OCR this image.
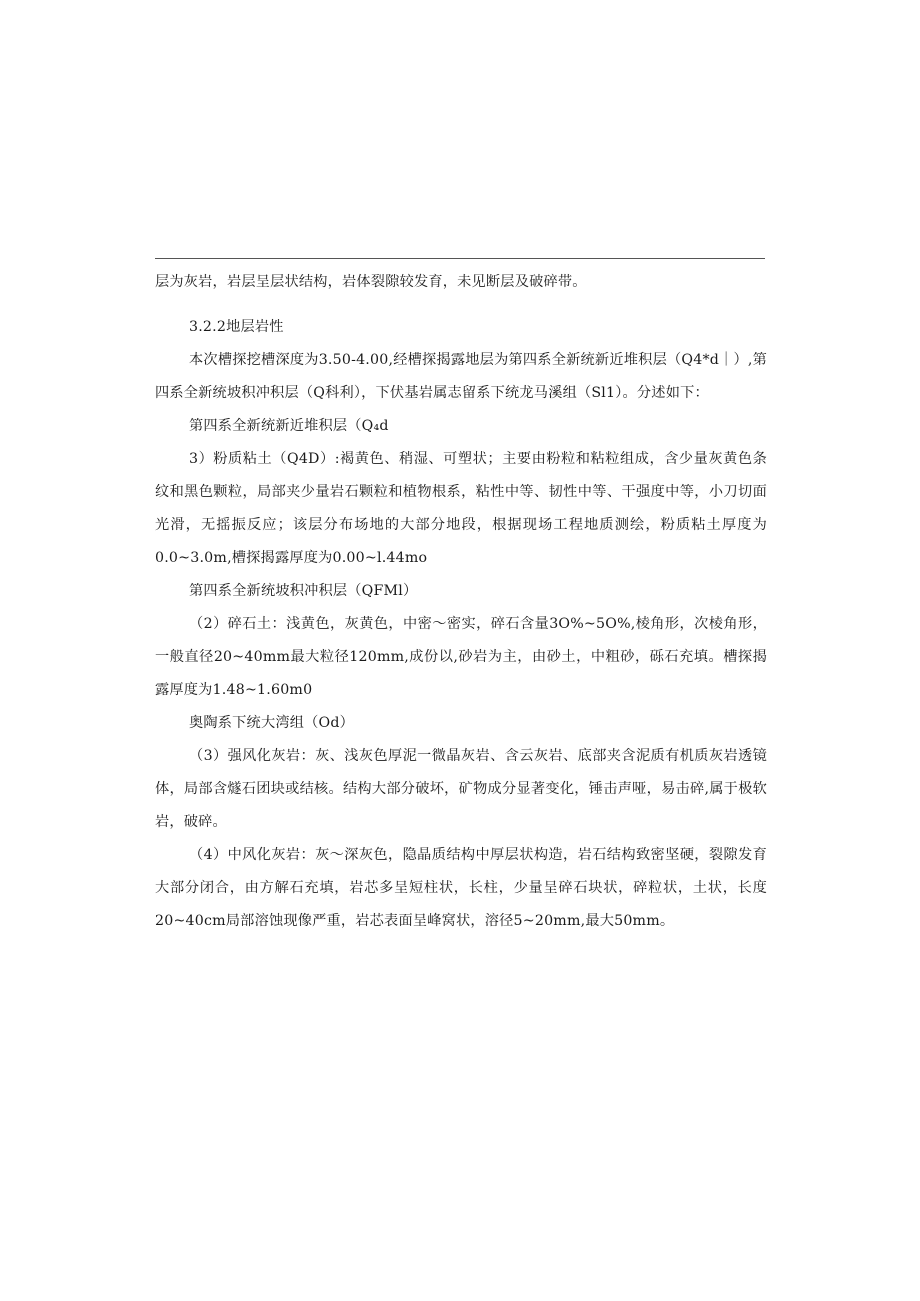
层为灰岩，岩层呈层状结构，岩体裂隙较发育，未见断层及破碎带。

3.2.2地层岩性

本次槽探挖槽深度为3.50-4.00,经槽探揭露地层为第四系全新统新近堆积层（Q4*d｜）,第四系全新统坡积冲积层（Q科利），下伏基岩属志留系下统龙马溪组（Sl1）。分述如下：

第四系全新统新近堆积层（Q₄d

3）粉质粘土（Q4D）:褐黄色、稍湿、可塑状；主要由粉粒和粘粒组成，含少量灰黄色条纹和黑色颗粒，局部夹少量岩石颗粒和植物根系，粘性中等、韧性中等、干强度中等，小刀切面光滑，无摇振反应；该层分布场地的大部分地段，根据现场工程地质测绘，粉质粘土厚度为0.0~3.0m,槽探揭露厚度为0.00~l.44mo

第四系全新统坡积冲积层（QFMl）

（2）碎石土：浅黄色，灰黄色，中密～密实，碎石含量3O%~5O%,棱角形，次棱角形，一般直径20~40mm最大粒径120mm,成份以,砂岩为主，由砂土，中粗砂，砾石充填。槽探揭露厚度为1.48~1.60m0

奥陶系下统大湾组（Od）

（3）强风化灰岩：灰、浅灰色厚泥一微晶灰岩、含云灰岩、底部夹含泥质有机质灰岩透镜体，局部含燧石团块或结核。结构大部分破坏，矿物成分显著变化，锤击声哑，易击碎,属于极软岩，破碎。

（4）中风化灰岩：灰～深灰色，隐晶质结构中厚层状构造，岩石结构致密坚硬，裂隙发育大部分闭合，由方解石充填，岩芯多呈短柱状，长柱，少量呈碎石块状，碎粒状，土状，长度20~40cm局部溶蚀现像严重，岩芯表面呈峰窝状，溶径5~20mm,最大50mm。
